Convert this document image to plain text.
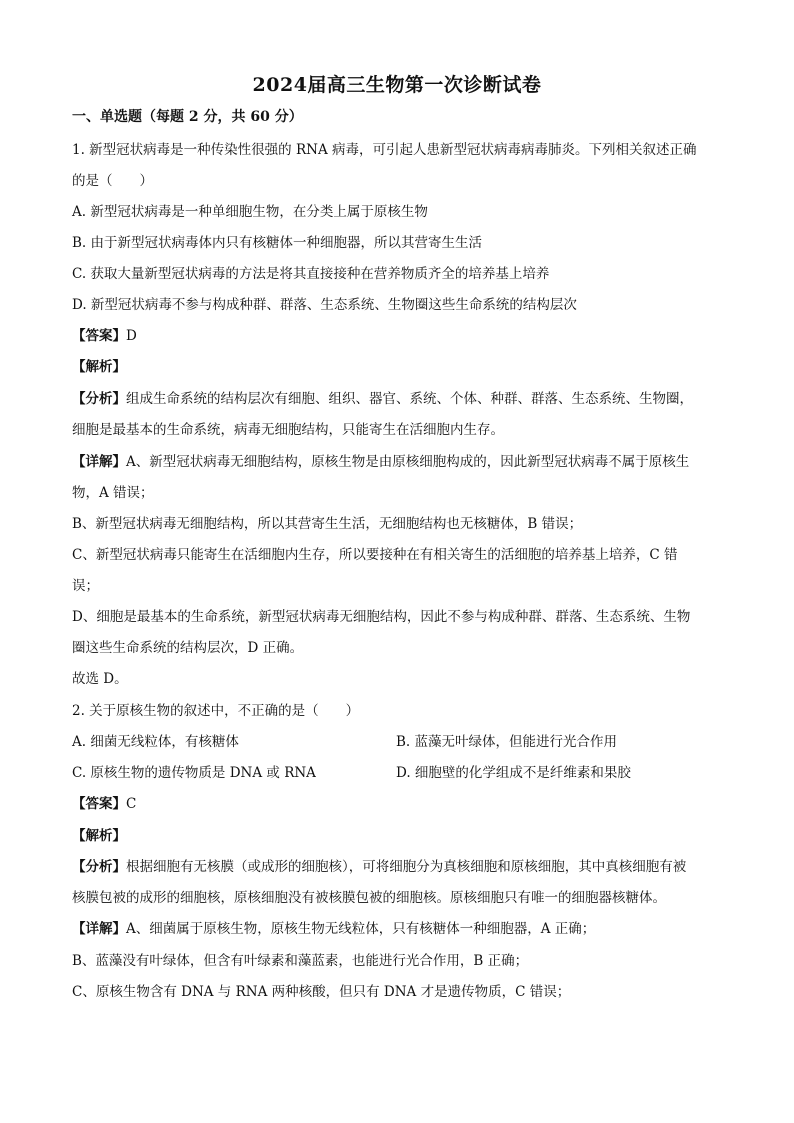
2024届高三生物第一次诊断试卷
一、单选题（每题 2 分，共 60 分）
1. 新型冠状病毒是一种传染性很强的 RNA 病毒，可引起人患新型冠状病毒病毒肺炎。下列相关叙述正确
的是（　　）
A. 新型冠状病毒是一种单细胞生物，在分类上属于原核生物
B. 由于新型冠状病毒体内只有核糖体一种细胞器，所以其营寄生生活
C. 获取大量新型冠状病毒的方法是将其直接接种在营养物质齐全的培养基上培养
D. 新型冠状病毒不参与构成种群、群落、生态系统、生物圈这些生命系统的结构层次
【答案】D
【解析】
【分析】组成生命系统的结构层次有细胞、组织、器官、系统、个体、种群、群落、生态系统、生物圈，
细胞是最基本的生命系统，病毒无细胞结构，只能寄生在活细胞内生存。
【详解】A、新型冠状病毒无细胞结构，原核生物是由原核细胞构成的，因此新型冠状病毒不属于原核生
物，A 错误；
B、新型冠状病毒无细胞结构，所以其营寄生生活，无细胞结构也无核糖体，B 错误；
C、新型冠状病毒只能寄生在活细胞内生存，所以要接种在有相关寄生的活细胞的培养基上培养，C 错
误；
D、细胞是最基本的生命系统，新型冠状病毒无细胞结构，因此不参与构成种群、群落、生态系统、生物
圈这些生命系统的结构层次，D 正确。
故选 D。
2. 关于原核生物的叙述中，不正确的是（　　）
A. 细菌无线粒体，有核糖体	B. 蓝藻无叶绿体，但能进行光合作用
C. 原核生物的遗传物质是 DNA 或 RNA	D. 细胞壁的化学组成不是纤维素和果胶
【答案】C
【解析】
【分析】根据细胞有无核膜（或成形的细胞核），可将细胞分为真核细胞和原核细胞，其中真核细胞有被
核膜包被的成形的细胞核，原核细胞没有被核膜包被的细胞核。原核细胞只有唯一的细胞器核糖体。
【详解】A、细菌属于原核生物，原核生物无线粒体，只有核糖体一种细胞器，A 正确；
B、蓝藻没有叶绿体，但含有叶绿素和藻蓝素，也能进行光合作用，B 正确；
C、原核生物含有 DNA 与 RNA 两种核酸，但只有 DNA 才是遗传物质，C 错误；
